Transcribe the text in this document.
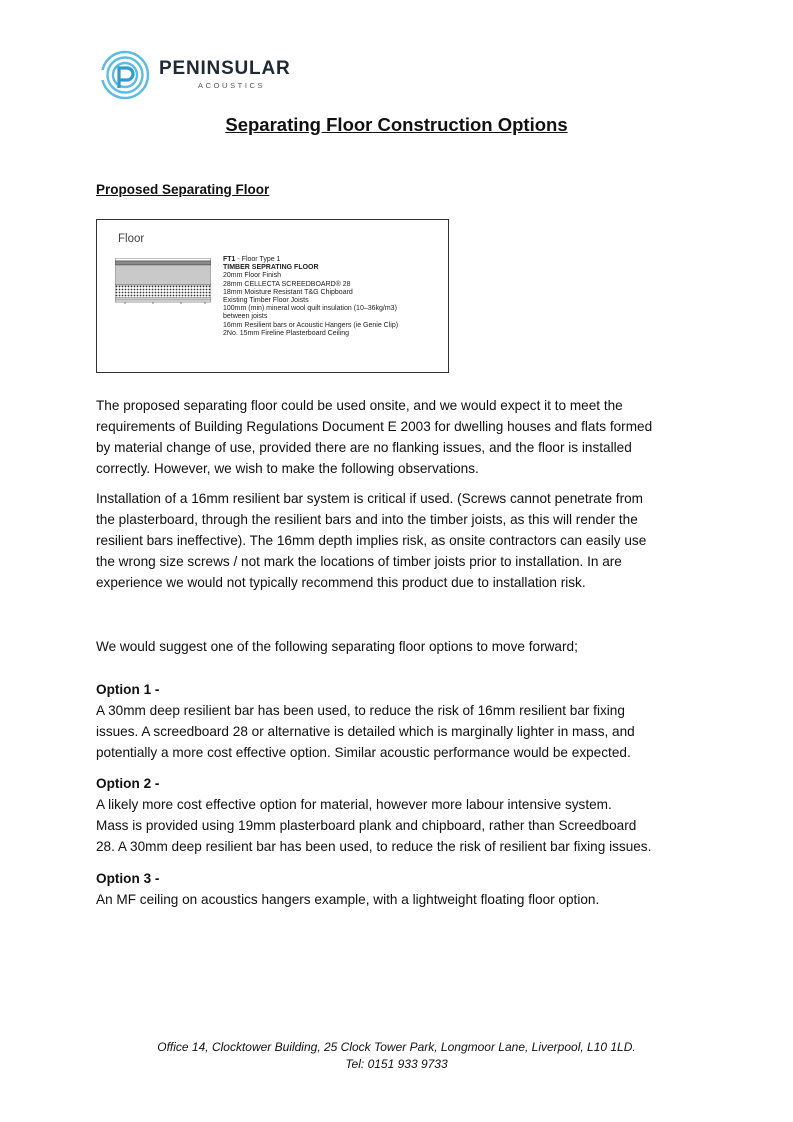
PENINSULAR
ACOUSTICS
Separating Floor Construction Options
Proposed Separating Floor
Floor
FT1 - Floor Type 1
TIMBER SEPRATING FLOOR
20mm Floor Finish
28mm CELLECTA SCREEDBOARD® 28
18mm Moisture Resistant T&G Chipboard
Existing Timber Floor Joists
100mm (min) mineral wool quilt insulation (10–36kg/m3)
between joists
16mm Resilient bars or Acoustic Hangers (ie Genie Clip)
2No. 15mm Fireline Plasterboard Ceiling
The proposed separating floor could be used onsite, and we would expect it to meet the
requirements of Building Regulations Document E 2003 for dwelling houses and flats formed
by material change of use, provided there are no flanking issues, and the floor is installed
correctly. However, we wish to make the following observations.
Installation of a 16mm resilient bar system is critical if used. (Screws cannot penetrate from
the plasterboard, through the resilient bars and into the timber joists, as this will render the
resilient bars ineffective). The 16mm depth implies risk, as onsite contractors can easily use
the wrong size screws / not mark the locations of timber joists prior to installation. In are
experience we would not typically recommend this product due to installation risk.
We would suggest one of the following separating floor options to move forward;
Option 1 -
A 30mm deep resilient bar has been used, to reduce the risk of 16mm resilient bar fixing
issues. A screedboard 28 or alternative is detailed which is marginally lighter in mass, and
potentially a more cost effective option. Similar acoustic performance would be expected.
Option 2 -
A likely more cost effective option for material, however more labour intensive system.
Mass is provided using 19mm plasterboard plank and chipboard, rather than Screedboard
28. A 30mm deep resilient bar has been used, to reduce the risk of resilient bar fixing issues.
Option 3 -
An MF ceiling on acoustics hangers example, with a lightweight floating floor option.
Office 14, Clocktower Building, 25 Clock Tower Park, Longmoor Lane, Liverpool, L10 1LD.
Tel: 0151 933 9733
